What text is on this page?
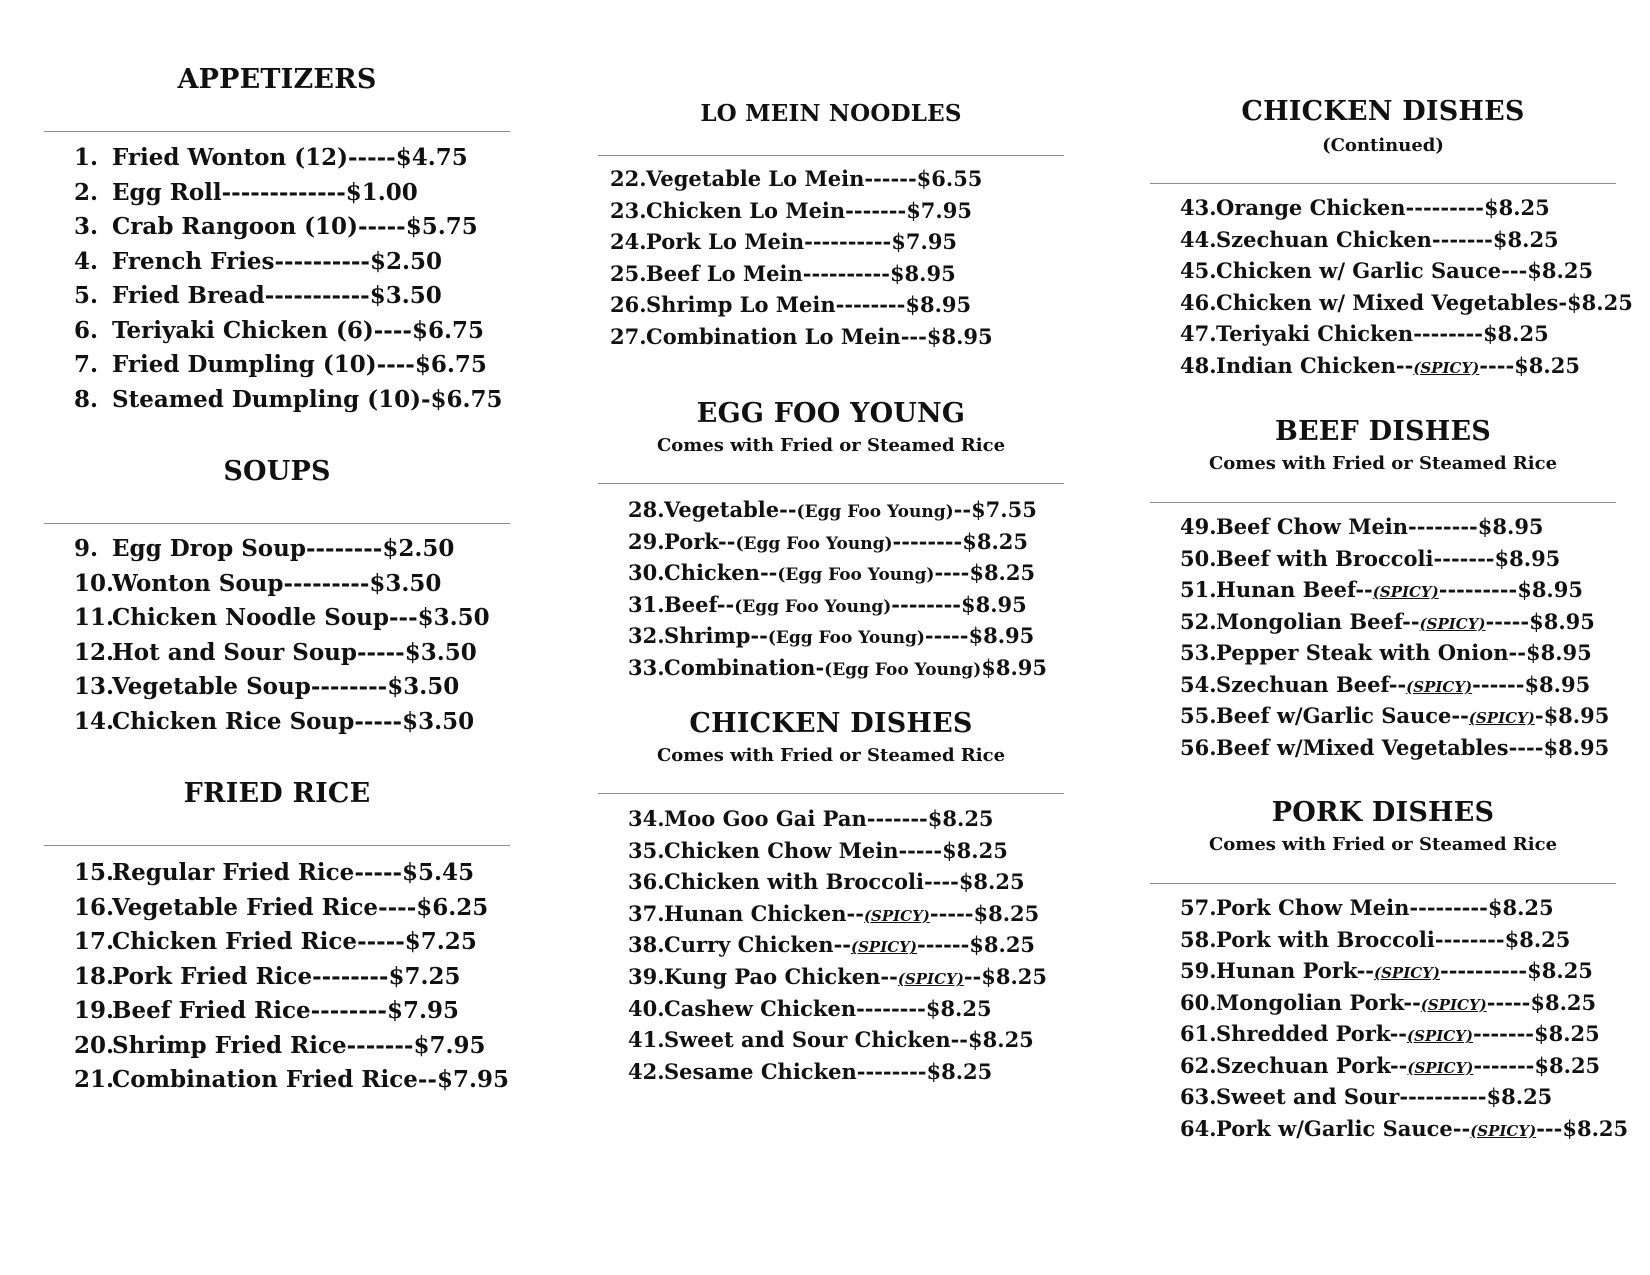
APPETIZERS
1. Fried Wonton (12)-----$4.75
2. Egg Roll-------------$1.00
3. Crab Rangoon (10)-----$5.75
4. French Fries----------$2.50
5. Fried Bread-----------$3.50
6. Teriyaki Chicken (6)----$6.75
7. Fried Dumpling (10)----$6.75
8. Steamed Dumpling (10)-$6.75
SOUPS
9. Egg Drop Soup--------$2.50
10.Wonton Soup---------$3.50
11.Chicken Noodle Soup---$3.50
12.Hot and Sour Soup-----$3.50
13.Vegetable Soup--------$3.50
14.Chicken Rice Soup-----$3.50
FRIED RICE
15.Regular Fried Rice-----$5.45
16.Vegetable Fried Rice----$6.25
17.Chicken Fried Rice-----$7.25
18.Pork Fried Rice--------$7.25
19.Beef Fried Rice--------$7.95
20.Shrimp Fried Rice-------$7.95
21.Combination Fried Rice--$7.95
LO MEIN NOODLES
22.Vegetable Lo Mein------$6.55
23.Chicken Lo Mein-------$7.95
24.Pork Lo Mein----------$7.95
25.Beef Lo Mein----------$8.95
26.Shrimp Lo Mein--------$8.95
27.Combination Lo Mein---$8.95
EGG FOO YOUNG
Comes with Fried or Steamed Rice
28.Vegetable--(Egg Foo Young)--$7.55
29.Pork--(Egg Foo Young)--------$8.25
30.Chicken--(Egg Foo Young)----$8.25
31.Beef--(Egg Foo Young)--------$8.95
32.Shrimp--(Egg Foo Young)-----$8.95
33.Combination-(Egg Foo Young)$8.95
CHICKEN DISHES
Comes with Fried or Steamed Rice
34.Moo Goo Gai Pan-------$8.25
35.Chicken Chow Mein-----$8.25
36.Chicken with Broccoli----$8.25
37.Hunan Chicken--(SPICY)-----$8.25
38.Curry Chicken--(SPICY)------$8.25
39.Kung Pao Chicken--(SPICY)--$8.25
40.Cashew Chicken--------$8.25
41.Sweet and Sour Chicken--$8.25
42.Sesame Chicken--------$8.25
CHICKEN DISHES
(Continued)
43.Orange Chicken---------$8.25
44.Szechuan Chicken-------$8.25
45.Chicken w/ Garlic Sauce---$8.25
46.Chicken w/ Mixed Vegetables-$8.25
47.Teriyaki Chicken--------$8.25
48.Indian Chicken--(SPICY)----$8.25
BEEF DISHES
Comes with Fried or Steamed Rice
49.Beef Chow Mein--------$8.95
50.Beef with Broccoli-------$8.95
51.Hunan Beef--(SPICY)---------$8.95
52.Mongolian Beef--(SPICY)-----$8.95
53.Pepper Steak with Onion--$8.95
54.Szechuan Beef--(SPICY)------$8.95
55.Beef w/Garlic Sauce--(SPICY)-$8.95
56.Beef w/Mixed Vegetables----$8.95
PORK DISHES
Comes with Fried or Steamed Rice
57.Pork Chow Mein---------$8.25
58.Pork with Broccoli--------$8.25
59.Hunan Pork--(SPICY)----------$8.25
60.Mongolian Pork--(SPICY)-----$8.25
61.Shredded Pork--(SPICY)-------$8.25
62.Szechuan Pork--(SPICY)-------$8.25
63.Sweet and Sour----------$8.25
64.Pork w/Garlic Sauce--(SPICY)---$8.25
